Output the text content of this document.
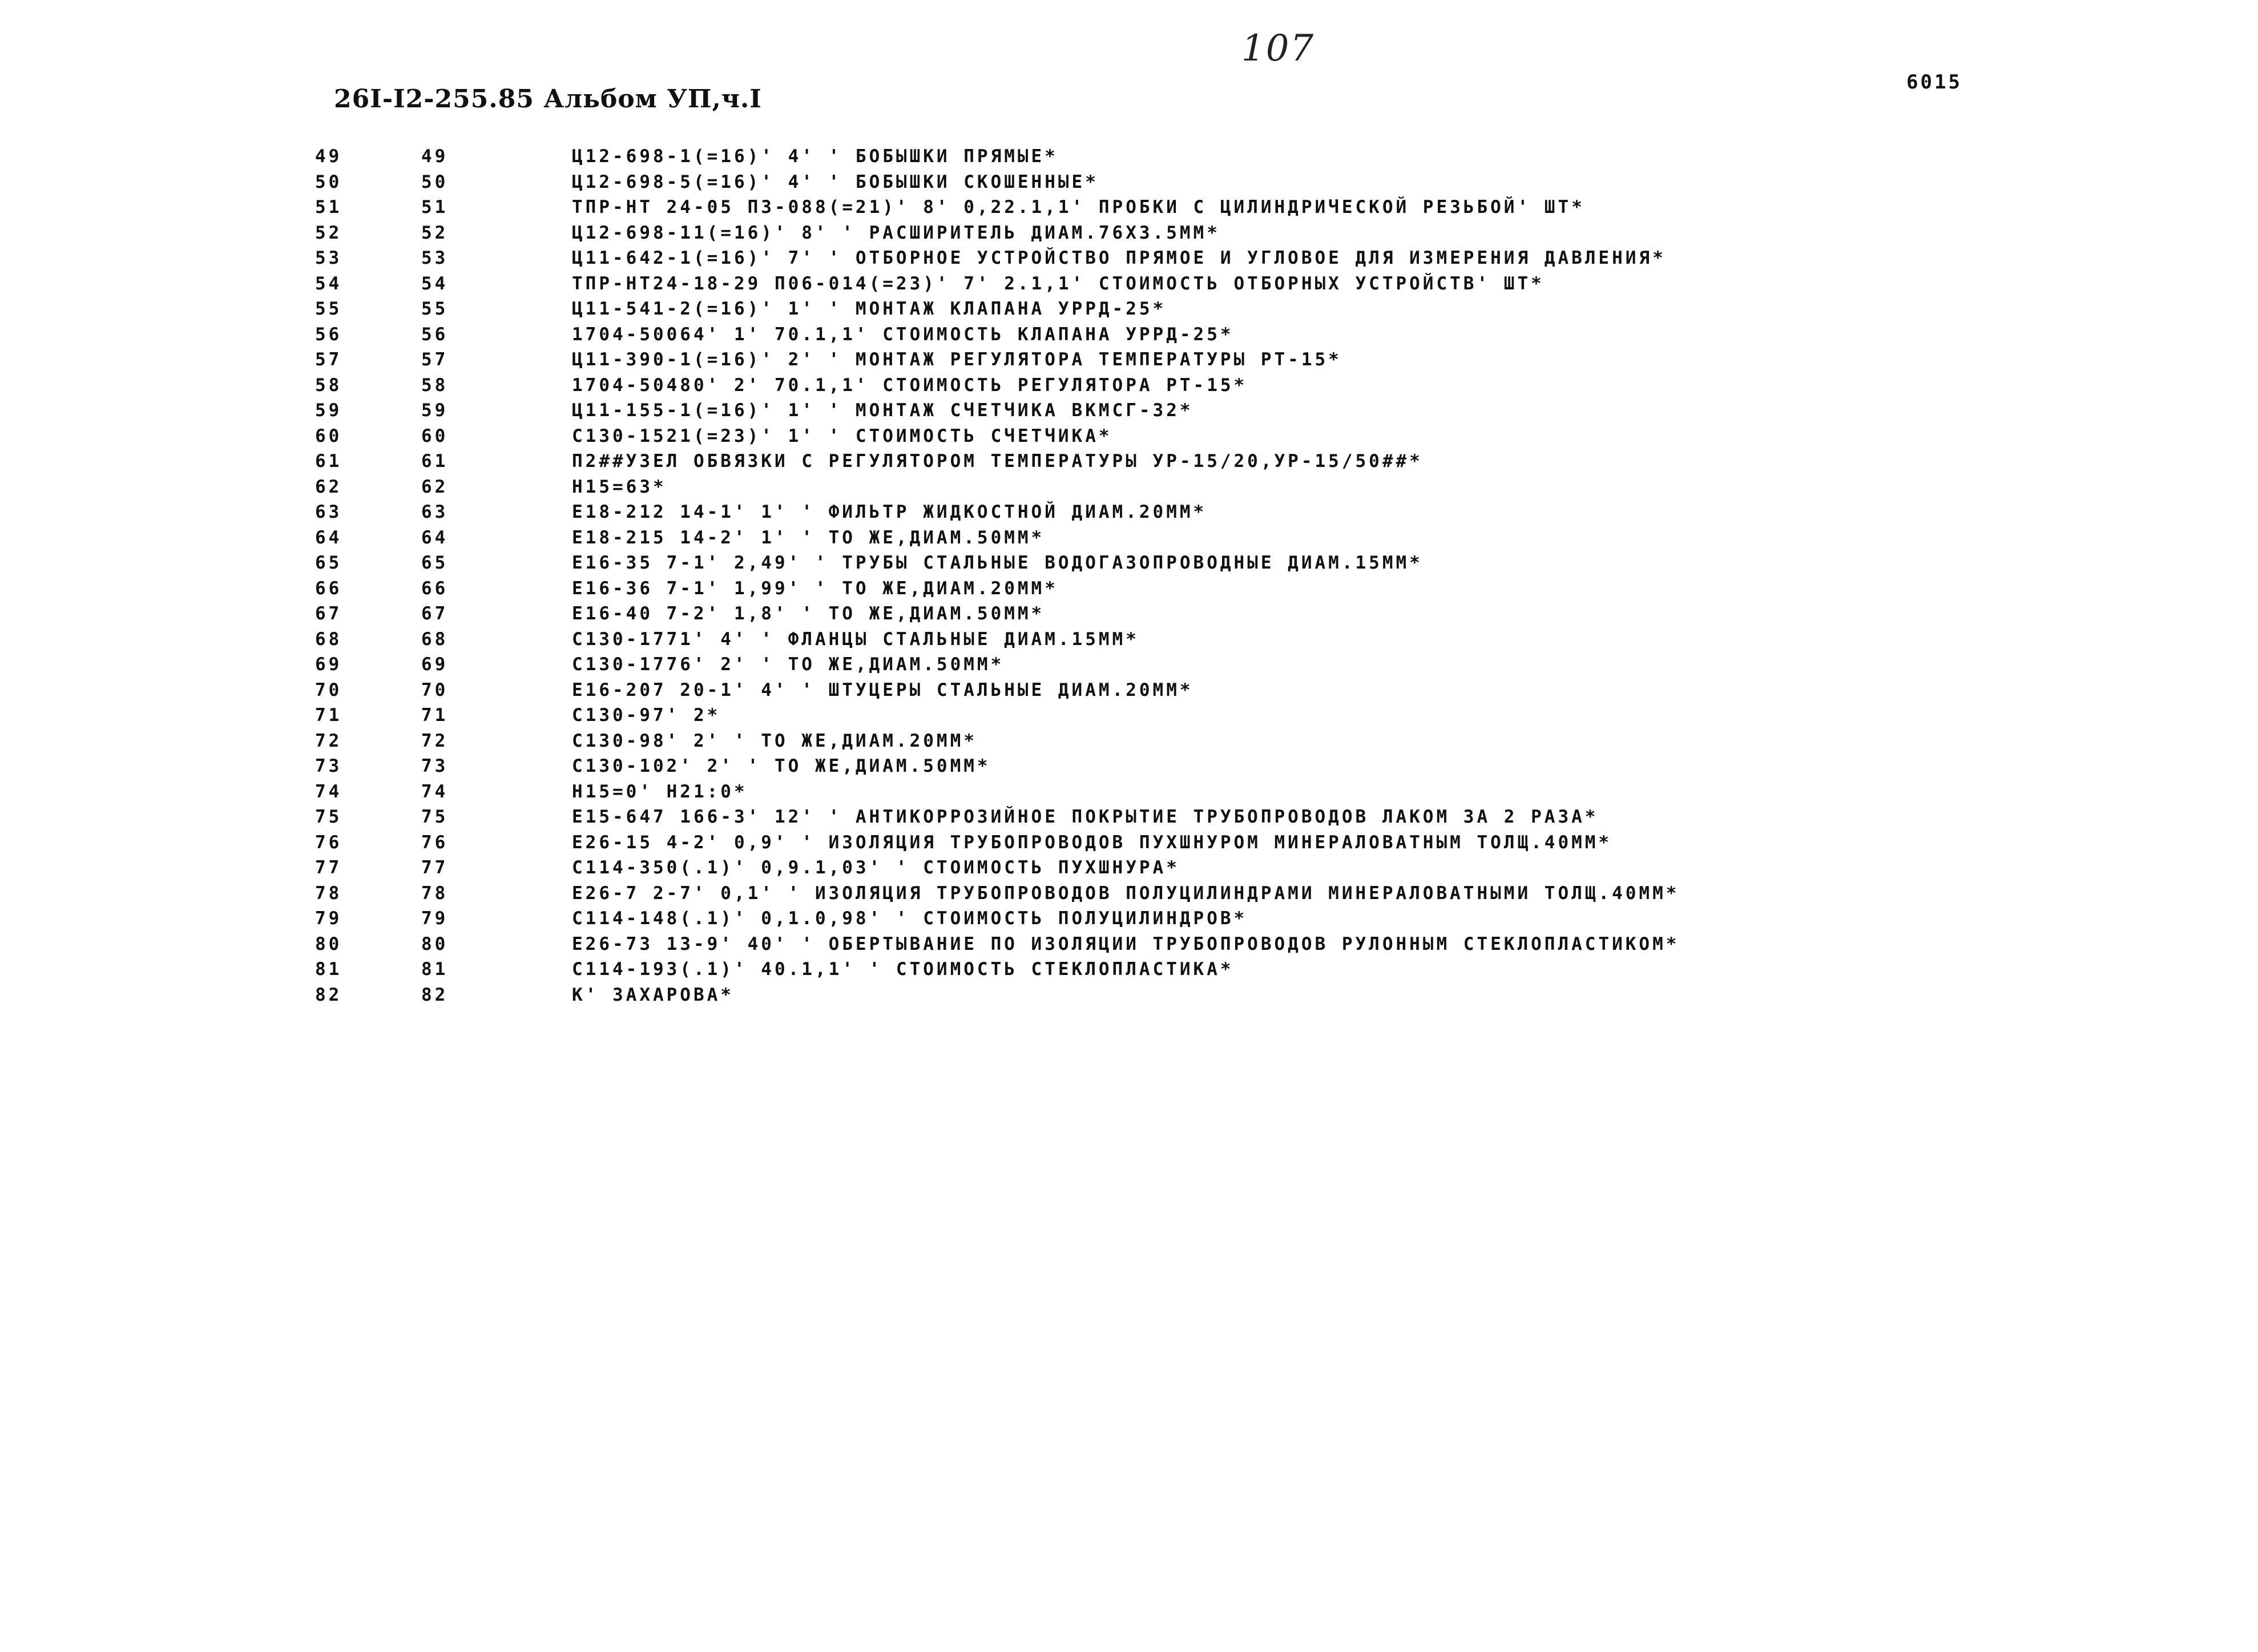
107
6015
26I-I2-255.85 Альбом УП,ч.I
49	49	Ц12-698-1(=16)' 4' ' БОБЫШКИ ПРЯМЫЕ*
50	50	Ц12-698-5(=16)' 4' ' БОБЫШКИ СКОШЕННЫЕ*
51	51	ТПР-НТ 24-05 ПЗ-088(=21)' 8' 0,22.1,1' ПРОБКИ С ЦИЛИНДРИЧЕСКОЙ РЕЗЬБОЙ' ШТ*
52	52	Ц12-698-11(=16)' 8' ' РАСШИРИТЕЛЬ ДИАМ.76Х3.5ММ*
53	53	Ц11-642-1(=16)' 7' ' ОТБОРНОЕ УСТРОЙСТВО ПРЯМОЕ И УГЛОВОЕ ДЛЯ ИЗМЕРЕНИЯ ДАВЛЕНИЯ*
54	54	ТПР-НТ24-18-29 П06-014(=23)' 7' 2.1,1' СТОИМОСТЬ ОТБОРНЫХ УСТРОЙСТВ' ШТ*
55	55	Ц11-541-2(=16)' 1' ' МОНТАЖ КЛАПАНА УРРД-25*
56	56	1704-50064' 1' 70.1,1' СТОИМОСТЬ КЛАПАНА УРРД-25*
57	57	Ц11-390-1(=16)' 2' ' МОНТАЖ РЕГУЛЯТОРА ТЕМПЕРАТУРЫ РТ-15*
58	58	1704-50480' 2' 70.1,1' СТОИМОСТЬ РЕГУЛЯТОРА РТ-15*
59	59	Ц11-155-1(=16)' 1' ' МОНТАЖ СЧЕТЧИКА ВКМСГ-32*
60	60	С130-1521(=23)' 1' ' СТОИМОСТЬ СЧЕТЧИКА*
61	61	П2##УЗЕЛ ОБВЯЗКИ С РЕГУЛЯТОРОМ ТЕМПЕРАТУРЫ УР-15/20,УР-15/50##*
62	62	Н15=63*
63	63	Е18-212 14-1' 1' ' ФИЛЬТР ЖИДКОСТНОЙ ДИАМ.20ММ*
64	64	Е18-215 14-2' 1' ' ТО ЖЕ,ДИАМ.50ММ*
65	65	Е16-35 7-1' 2,49' ' ТРУБЫ СТАЛЬНЫЕ ВОДОГАЗОПРОВОДНЫЕ ДИАМ.15ММ*
66	66	Е16-36 7-1' 1,99' ' ТО ЖЕ,ДИАМ.20ММ*
67	67	Е16-40 7-2' 1,8' ' ТО ЖЕ,ДИАМ.50ММ*
68	68	С130-1771' 4' ' ФЛАНЦЫ СТАЛЬНЫЕ ДИАМ.15ММ*
69	69	С130-1776' 2' ' ТО ЖЕ,ДИАМ.50ММ*
70	70	Е16-207 20-1' 4' ' ШТУЦЕРЫ СТАЛЬНЫЕ ДИАМ.20ММ*
71	71	С130-97' 2*
72	72	С130-98' 2' ' ТО ЖЕ,ДИАМ.20ММ*
73	73	С130-102' 2' ' ТО ЖЕ,ДИАМ.50ММ*
74	74	Н15=0' Н21:0*
75	75	Е15-647 166-3' 12' ' АНТИКОРРОЗИЙНОЕ ПОКРЫТИЕ ТРУБОПРОВОДОВ ЛАКОМ ЗА 2 РАЗА*
76	76	Е26-15 4-2' 0,9' ' ИЗОЛЯЦИЯ ТРУБОПРОВОДОВ ПУХШНУРОМ МИНЕРАЛОВАТНЫМ ТОЛЩ.40ММ*
77	77	С114-350(.1)' 0,9.1,03' ' СТОИМОСТЬ ПУХШНУРА*
78	78	Е26-7 2-7' 0,1' ' ИЗОЛЯЦИЯ ТРУБОПРОВОДОВ ПОЛУЦИЛИНДРАМИ МИНЕРАЛОВАТНЫМИ ТОЛЩ.40ММ*
79	79	С114-148(.1)' 0,1.0,98' ' СТОИМОСТЬ ПОЛУЦИЛИНДРОВ*
80	80	Е26-73 13-9' 40' ' ОБЕРТЫВАНИЕ ПО ИЗОЛЯЦИИ ТРУБОПРОВОДОВ РУЛОННЫМ СТЕКЛОПЛАСТИКОМ*
81	81	С114-193(.1)' 40.1,1' ' СТОИМОСТЬ СТЕКЛОПЛАСТИКА*
82	82	К' ЗАХАРОВА*
